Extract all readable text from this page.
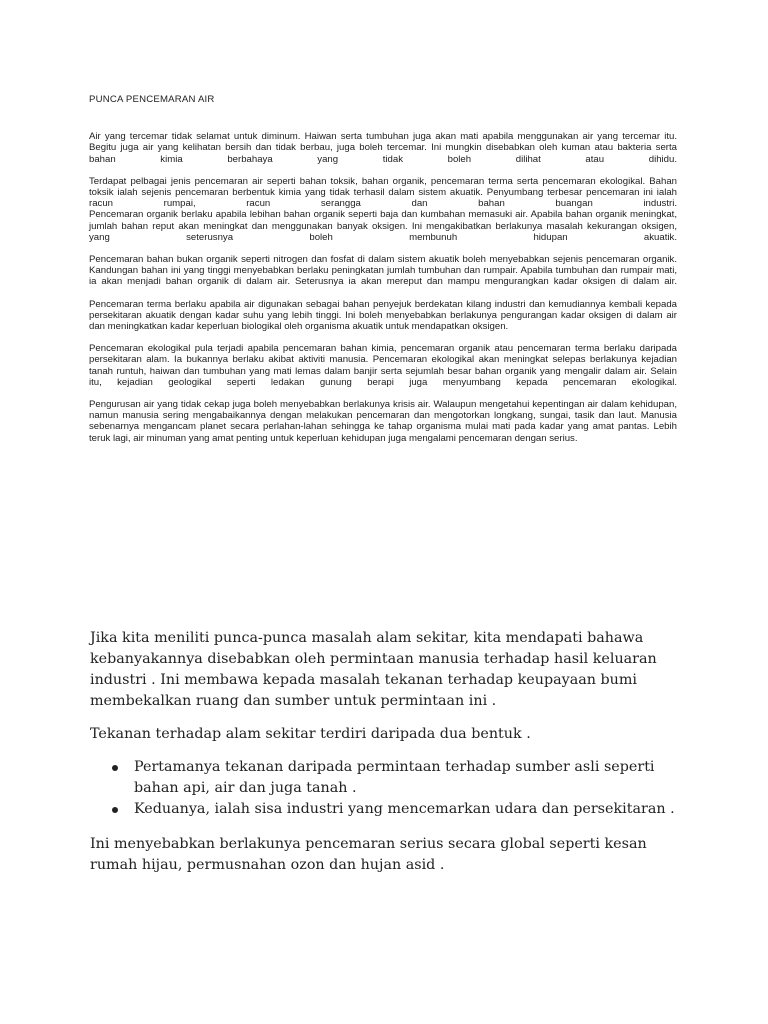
PUNCA PENCEMARAN AIR

Air yang tercemar tidak selamat untuk diminum. Haiwan serta tumbuhan juga akan mati apabila menggunakan air yang tercemar itu. Begitu juga air yang kelihatan bersih dan tidak berbau, juga boleh tercemar. Ini mungkin disebabkan oleh kuman atau bakteria serta bahan kimia berbahaya yang tidak boleh dilihat atau dihidu.

Terdapat pelbagai jenis pencemaran air seperti bahan toksik, bahan organik, pencemaran terma serta pencemaran ekologikal. Bahan toksik ialah sejenis pencemaran berbentuk kimia yang tidak terhasil dalam sistem akuatik. Penyumbang terbesar pencemaran ini ialah racun rumpai, racun serangga dan bahan buangan industri.

Pencemaran organik berlaku apabila lebihan bahan organik seperti baja dan kumbahan memasuki air. Apabila bahan organik meningkat, jumlah bahan reput akan meningkat dan menggunakan banyak oksigen. Ini mengakibatkan berlakunya masalah kekurangan oksigen, yang seterusnya boleh membunuh hidupan akuatik.

Pencemaran bahan bukan organik seperti nitrogen dan fosfat di dalam sistem akuatik boleh menyebabkan sejenis pencemaran organik. Kandungan bahan ini yang tinggi menyebabkan berlaku peningkatan jumlah tumbuhan dan rumpair. Apabila tumbuhan dan rumpair mati, ia akan menjadi bahan organik di dalam air. Seterusnya ia akan mereput dan mampu mengurangkan kadar oksigen di dalam air.

Pencemaran terma berlaku apabila air digunakan sebagai bahan penyejuk berdekatan kilang industri dan kemudiannya kembali kepada persekitaran akuatik dengan kadar suhu yang lebih tinggi. Ini boleh menyebabkan berlakunya pengurangan kadar oksigen di dalam air dan meningkatkan kadar keperluan biologikal oleh organisma akuatik untuk mendapatkan oksigen.

Pencemaran ekologikal pula terjadi apabila pencemaran bahan kimia, pencemaran organik atau pencemaran terma berlaku daripada persekitaran alam. Ia bukannya berlaku akibat aktiviti manusia. Pencemaran ekologikal akan meningkat selepas berlakunya kejadian tanah runtuh, haiwan dan tumbuhan yang mati lemas dalam banjir serta sejumlah besar bahan organik yang mengalir dalam air. Selain itu, kejadian geologikal seperti ledakan gunung berapi juga menyumbang kepada pencemaran ekologikal.

Pengurusan air yang tidak cekap juga boleh menyebabkan berlakunya krisis air. Walaupun mengetahui kepentingan air dalam kehidupan, namun manusia sering mengabaikannya dengan melakukan pencemaran dan mengotorkan longkang, sungai, tasik dan laut. Manusia sebenarnya mengancam planet secara perlahan-lahan sehingga ke tahap organisma mulai mati pada kadar yang amat pantas. Lebih teruk lagi, air minuman yang amat penting untuk keperluan kehidupan juga mengalami pencemaran dengan serius.

Jika kita meniliti punca-punca masalah alam sekitar, kita mendapati bahawa kebanyakannya disebabkan oleh permintaan manusia terhadap hasil keluaran industri . Ini membawa kepada masalah tekanan terhadap keupayaan bumi membekalkan ruang dan sumber untuk permintaan ini .

Tekanan terhadap alam sekitar terdiri daripada dua bentuk .

Pertamanya tekanan daripada permintaan terhadap sumber asli seperti bahan api, air dan juga tanah .
Keduanya, ialah sisa industri yang mencemarkan udara dan persekitaran .

Ini menyebabkan berlakunya pencemaran serius secara global seperti kesan rumah hijau, permusnahan ozon dan hujan asid .
